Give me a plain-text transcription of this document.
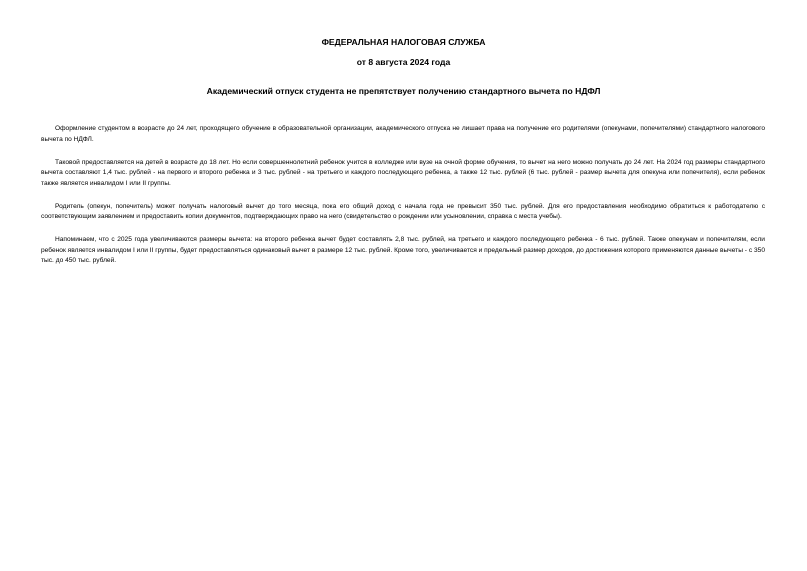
ФЕДЕРАЛЬНАЯ НАЛОГОВАЯ СЛУЖБА
от 8 августа 2024 года
Академический отпуск студента не препятствует получению стандартного вычета по НДФЛ

Оформление студентом в возрасте до 24 лет, проходящего обучение в образовательной организации, академического отпуска не лишает права на получение его родителями (опекунами, попечителями) стандартного налогового вычета по НДФЛ.

Таковой предоставляется на детей в возрасте до 18 лет. Но если совершеннолетний ребенок учится в колледже или вузе на очной форме обучения, то вычет на него можно получать до 24 лет. На 2024 год размеры стандартного вычета составляют 1,4 тыс. рублей - на первого и второго ребенка и 3 тыс. рублей - на третьего и каждого последующего ребенка, а также 12 тыс. рублей (6 тыс. рублей - размер вычета для опекуна или попечителя), если ребенок также является инвалидом I или II группы.

Родитель (опекун, попечитель) может получать налоговый вычет до того месяца, пока его общий доход с начала года не превысит 350 тыс. рублей. Для его предоставления необходимо обратиться к работодателю с соответствующим заявлением и предоставить копии документов, подтверждающих право на него (свидетельство о рождении или усыновлении, справка с места учебы).

Напоминаем, что с 2025 года увеличиваются размеры вычета: на второго ребенка вычет будет составлять 2,8 тыс. рублей, на третьего и каждого последующего ребенка - 6 тыс. рублей. Также опекунам и попечителям, если ребенок является инвалидом I или II группы, будет предоставляться одинаковый вычет в размере 12 тыс. рублей. Кроме того, увеличивается и предельный размер доходов, до достижения которого применяются данные вычеты - с 350 тыс. до 450 тыс. рублей.
